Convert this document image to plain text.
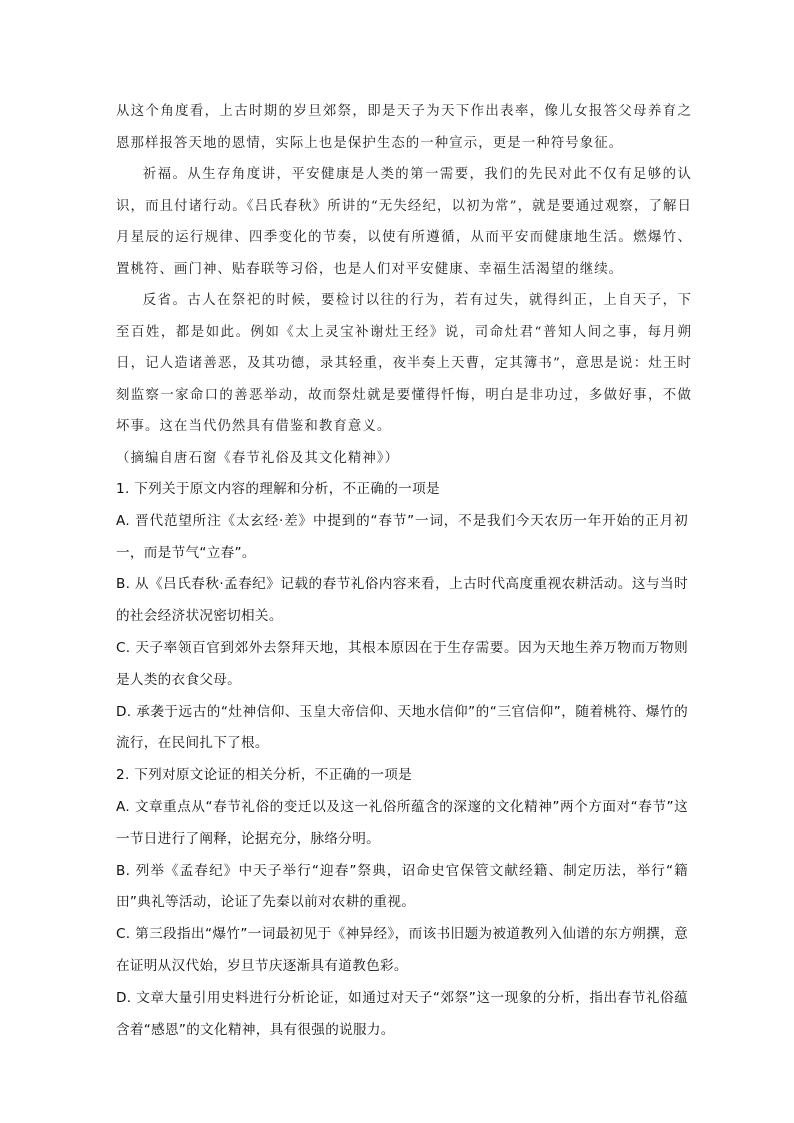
从这个角度看，上古时期的岁旦郊祭，即是天子为天下作出表率，像儿女报答父母养育之恩那样报答天地的恩情，实际上也是保护生态的一种宣示，更是一种符号象征。

祈福。从生存角度讲，平安健康是人类的第一需要，我们的先民对此不仅有足够的认识，而且付诸行动。《吕氏春秋》所讲的“无失经纪，以初为常”，就是要通过观察，了解日月星辰的运行规律、四季变化的节奏，以使有所遵循，从而平安而健康地生活。燃爆竹、置桃符、画门神、贴春联等习俗，也是人们对平安健康、幸福生活渴望的继续。

反省。古人在祭祀的时候，要检讨以往的行为，若有过失，就得纠正，上自天子，下至百姓，都是如此。例如《太上灵宝补谢灶王经》说，司命灶君“普知人间之事，每月朔日，记人造诸善恶，及其功德，录其轻重，夜半奏上天曹，定其簿书”，意思是说：灶王时刻监察一家命口的善恶举动，故而祭灶就是要懂得忏悔，明白是非功过，多做好事，不做坏事。这在当代仍然具有借鉴和教育意义。

（摘编自唐石窗《春节礼俗及其文化精神》）

1. 下列关于原文内容的理解和分析，不正确的一项是

A. 晋代范望所注《太玄经·差》中提到的“春节”一词，不是我们今天农历一年开始的正月初一，而是节气“立春”。

B. 从《吕氏春秋·孟春纪》记载的春节礼俗内容来看，上古时代高度重视农耕活动。这与当时的社会经济状况密切相关。

C. 天子率领百官到郊外去祭拜天地，其根本原因在于生存需要。因为天地生养万物而万物则是人类的衣食父母。

D. 承袭于远古的“灶神信仰、玉皇大帝信仰、天地水信仰”的“三官信仰”，随着桃符、爆竹的流行，在民间扎下了根。

2. 下列对原文论证的相关分析，不正确的一项是

A. 文章重点从“春节礼俗的变迁以及这一礼俗所蕴含的深邃的文化精神”两个方面对“春节”这一节日进行了阐释，论据充分，脉络分明。

B. 列举《孟春纪》中天子举行“迎春”祭典，诏命史官保管文献经籍、制定历法，举行“籍田”典礼等活动，论证了先秦以前对农耕的重视。

C. 第三段指出“爆竹”一词最初见于《神异经》，而该书旧题为被道教列入仙谱的东方朔撰，意在证明从汉代始，岁旦节庆逐渐具有道教色彩。

D. 文章大量引用史料进行分析论证，如通过对天子“郊祭”这一现象的分析，指出春节礼俗蕴含着“感恩”的文化精神，具有很强的说服力。
